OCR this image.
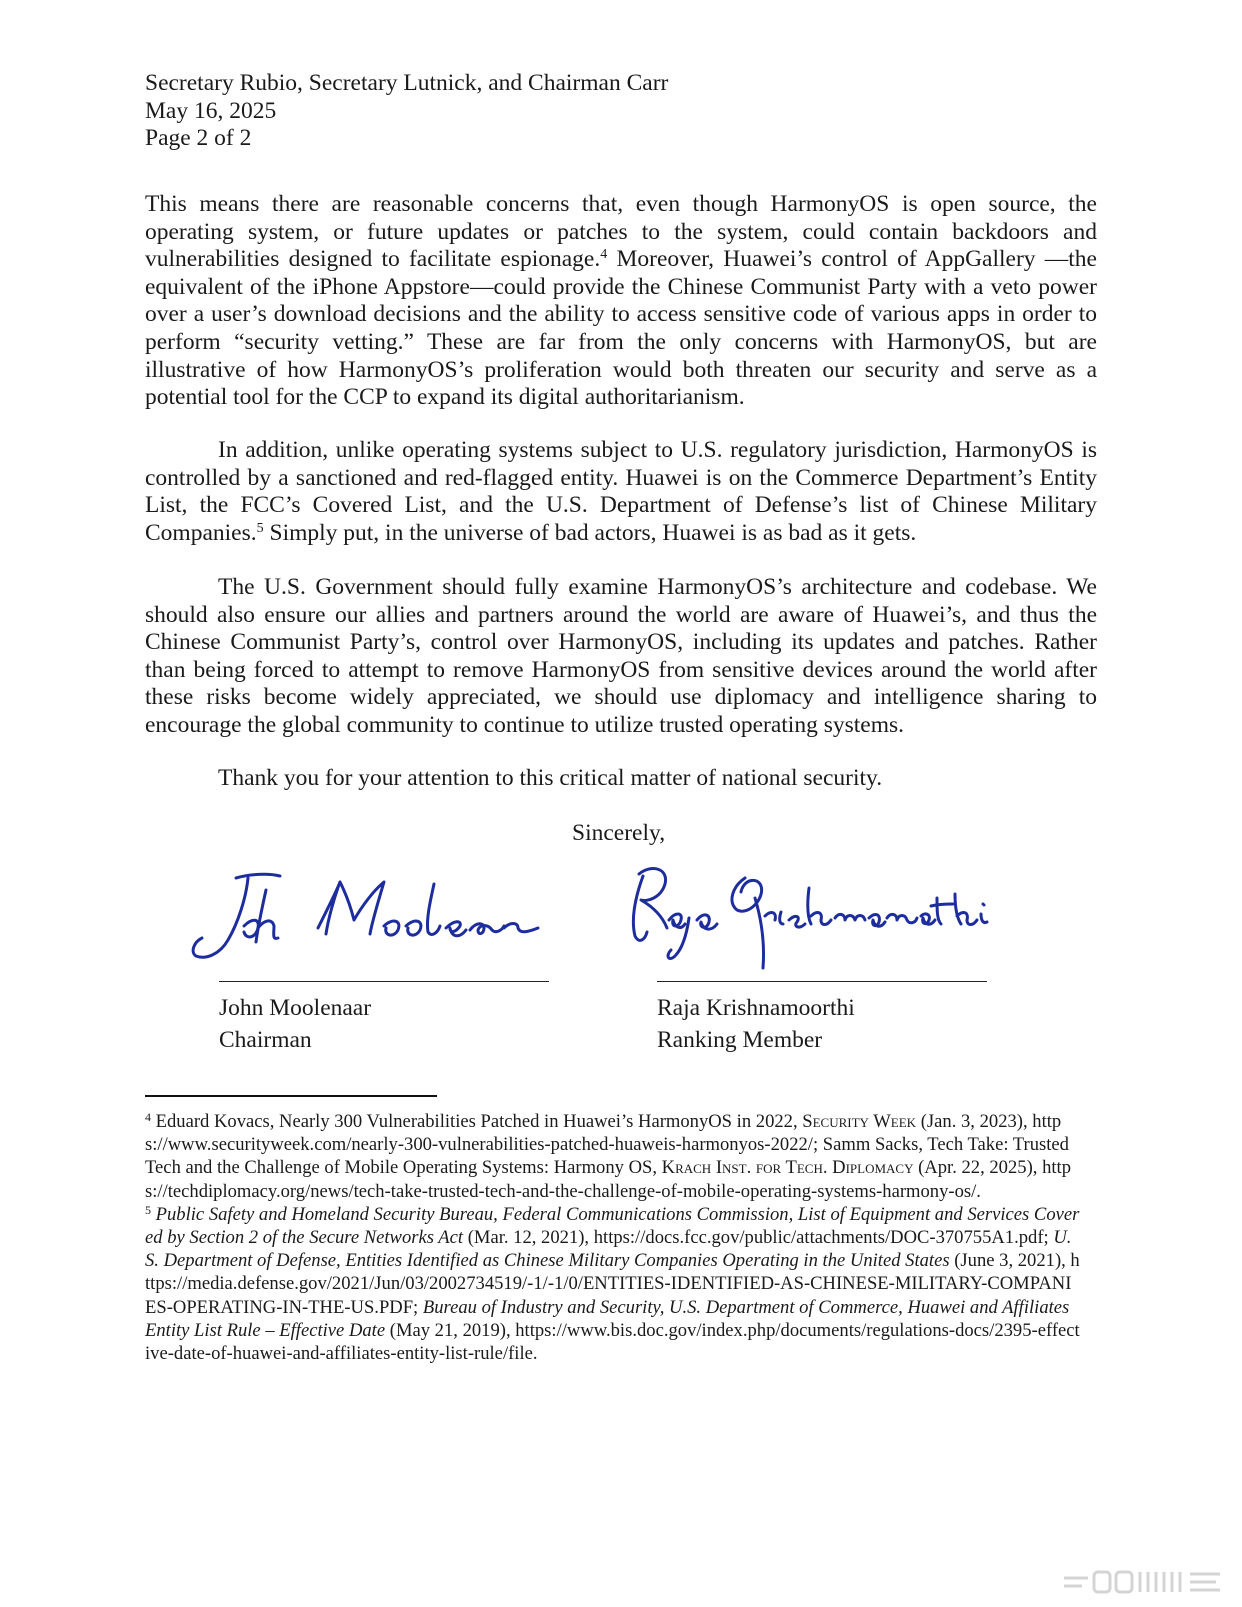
Secretary Rubio, Secretary Lutnick, and Chairman Carr
May 16, 2025
Page 2 of 2
This means there are reasonable concerns that, even though HarmonyOS is open source, the operating system, or future updates or patches to the system, could contain backdoors and vulnerabilities designed to facilitate espionage.$^4$ Moreover, Huawei’s control of AppGallery —the equivalent of the iPhone Appstore—could provide the Chinese Communist Party with a veto power over a user’s download decisions and the ability to access sensitive code of various apps in order to perform “security vetting.” These are far from the only concerns with HarmonyOS, but are illustrative of how HarmonyOS’s proliferation would both threaten our security and serve as a potential tool for the CCP to expand its digital authoritarianism.
In addition, unlike operating systems subject to U.S. regulatory jurisdiction, HarmonyOS is controlled by a sanctioned and red-flagged entity. Huawei is on the Commerce Department’s Entity List, the FCC’s Covered List, and the U.S. Department of Defense’s list of Chinese Military Companies.$^5$ Simply put, in the universe of bad actors, Huawei is as bad as it gets.
The U.S. Government should fully examine HarmonyOS’s architecture and codebase. We should also ensure our allies and partners around the world are aware of Huawei’s, and thus the Chinese Communist Party’s, control over HarmonyOS, including its updates and patches. Rather than being forced to attempt to remove HarmonyOS from sensitive devices around the world after these risks become widely appreciated, we should use diplomacy and intelligence sharing to encourage the global community to continue to utilize trusted operating systems.
Thank you for your attention to this critical matter of national security.
Sincerely,
John Moolenaar
Chairman
Raja Krishnamoorthi
Ranking Member

$^4$ Eduard Kovacs, Nearly 300 Vulnerabilities Patched in Huawei’s HarmonyOS in 2022, Security Week (Jan. 3, 2023), https://www.securityweek.com/nearly-300-vulnerabilities-patched-huaweis-harmonyos-2022/; Samm Sacks, Tech Take: Trusted Tech and the Challenge of Mobile Operating Systems: Harmony OS, Krach Inst. for Tech. Diplomacy (Apr. 22, 2025), https://techdiplomacy.org/news/tech-take-trusted-tech-and-the-challenge-of-mobile-operating-systems-harmony-os/.

$^5$ Public Safety and Homeland Security Bureau, Federal Communications Commission, List of Equipment and Services Covered by Section 2 of the Secure Networks Act (Mar. 12, 2021), https://docs.fcc.gov/public/attachments/DOC-370755A1.pdf; U.S. Department of Defense, Entities Identified as Chinese Military Companies Operating in the United States (June 3, 2021), https://media.defense.gov/2021/Jun/03/2002734519/-1/-1/0/ENTITIES-IDENTIFIED-AS-CHINESE-MILITARY-COMPANIES-OPERATING-IN-THE-US.PDF; Bureau of Industry and Security, U.S. Department of Commerce, Huawei and Affiliates Entity List Rule – Effective Date (May 21, 2019), https://www.bis.doc.gov/index.php/documents/regulations-docs/2395-effective-date-of-huawei-and-affiliates-entity-list-rule/file.
